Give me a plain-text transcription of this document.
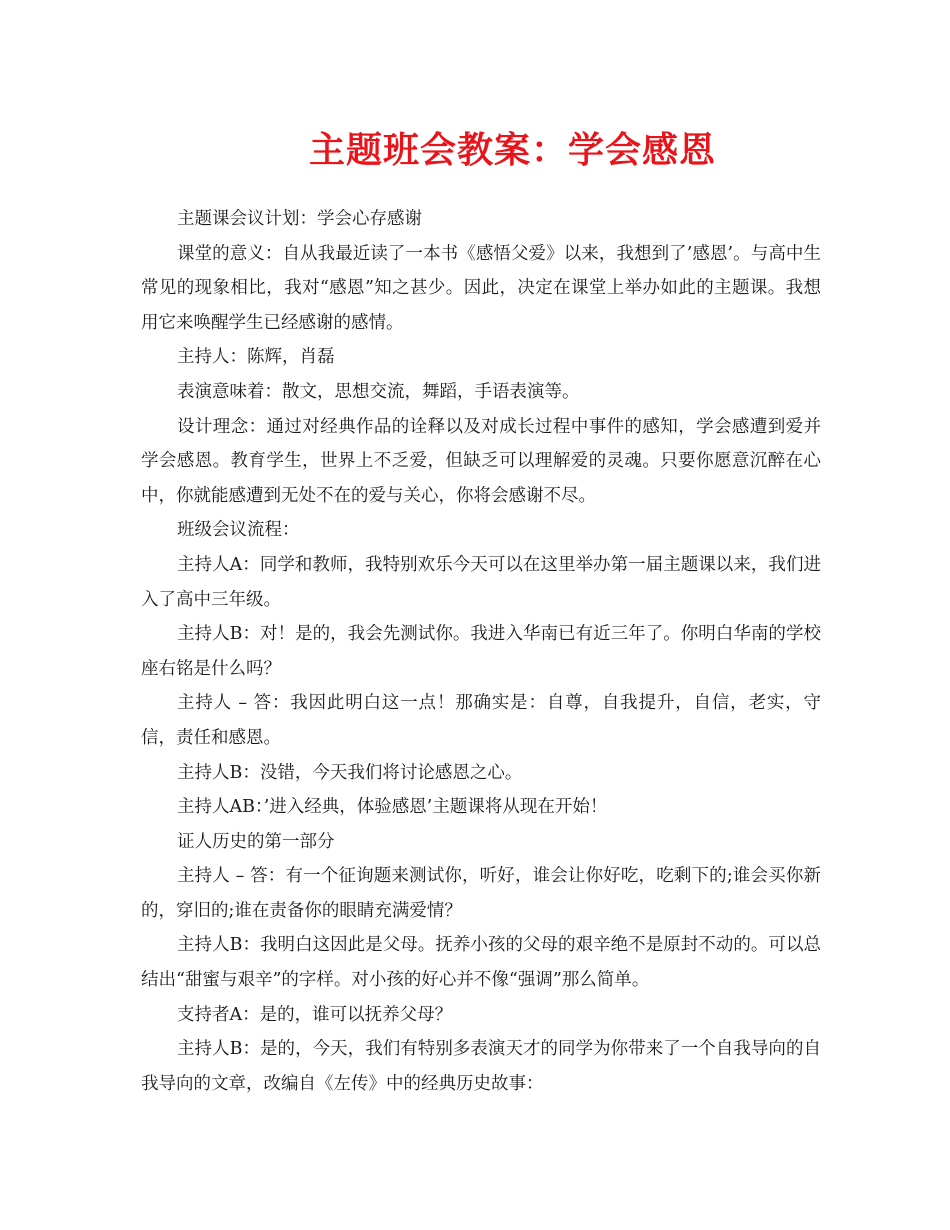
主题班会教案：学会感恩

主题课会议计划：学会心存感谢

课堂的意义：自从我最近读了一本书《感悟父爱》以来，我想到了’感恩’。与高中生常见的现象相比，我对“感恩”知之甚少。因此，决定在课堂上举办如此的主题课。我想用它来唤醒学生已经感谢的感情。

主持人：陈辉，肖磊

表演意味着：散文，思想交流，舞蹈，手语表演等。

设计理念：通过对经典作品的诠释以及对成长过程中事件的感知，学会感遭到爱并学会感恩。教育学生，世界上不乏爱，但缺乏可以理解爱的灵魂。只要你愿意沉醉在心中，你就能感遭到无处不在的爱与关心，你将会感谢不尽。

班级会议流程：

主持人A：同学和教师，我特别欢乐今天可以在这里举办第一届主题课以来，我们进入了高中三年级。

主持人B：对！是的，我会先测试你。我进入华南已有近三年了。你明白华南的学校座右铭是什么吗？

主持人 – 答：我因此明白这一点！那确实是：自尊，自我提升，自信，老实，守信，责任和感恩。

主持人B：没错，今天我们将讨论感恩之心。

主持人AB：’进入经典，体验感恩’主题课将从现在开始！

证人历史的第一部分

主持人 – 答：有一个征询题来测试你，听好，谁会让你好吃，吃剩下的;谁会买你新的，穿旧的;谁在责备你的眼睛充满爱情？

主持人B：我明白这因此是父母。抚养小孩的父母的艰辛绝不是原封不动的。可以总结出“甜蜜与艰辛”的字样。对小孩的好心并不像“强调”那么简单。

支持者A：是的，谁可以抚养父母？

主持人B：是的，今天，我们有特别多表演天才的同学为你带来了一个自我导向的自我导向的文章，改编自《左传》中的经典历史故事：
